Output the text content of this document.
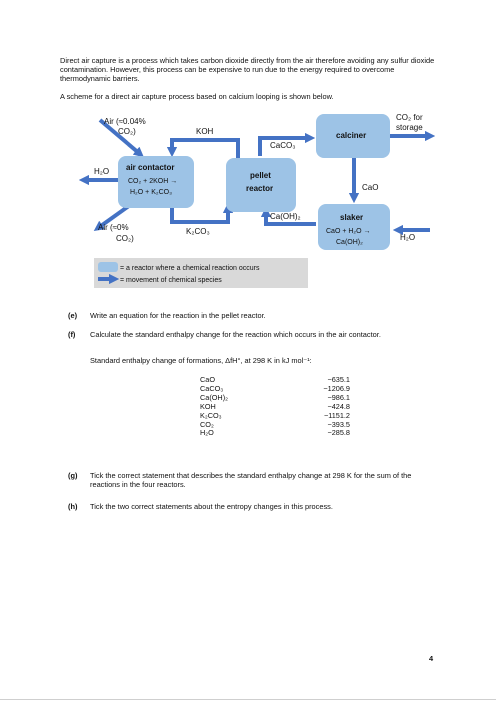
Direct air capture is a process which takes carbon dioxide directly from the air therefore avoiding any sulfur dioxide contamination. However, this process can be expensive to run due to the energy required to overcome thermodynamic barriers.
A scheme for a direct air capture process based on calcium looping is shown below.
Air (≈0.04%
CO₂)	KOH
CaCO₃
CO₂ for
storage
calciner
H₂O air contactor
CO₂ + 2KOH →
H₂O + K₂CO₃
pellet
reactor	CaO
Air (≈0%
CO₂)
K₂CO₃
Ca(OH)₂	slaker
CaO + H₂O →
Ca(OH)₂
H₂O
= a reactor where a chemical reaction occurs
= movement of chemical species
(e) Write an equation for the reaction in the pellet reactor.
(f) Calculate the standard enthalpy change for the reaction which occurs in the air contactor.
Standard enthalpy change of formations, ΔfH°, at 298 K in kJ mol⁻¹:
CaO	−635.1
CaCO₃	−1206.9
Ca(OH)₂	−986.1
KOH	−424.8
K₂CO₃	−1151.2
CO₂	−393.5
H₂O	−285.8
(g) Tick the correct statement that describes the standard enthalpy change at 298 K for the sum of the reactions in the four reactors.
(h) Tick the two correct statements about the entropy changes in this process.
4
